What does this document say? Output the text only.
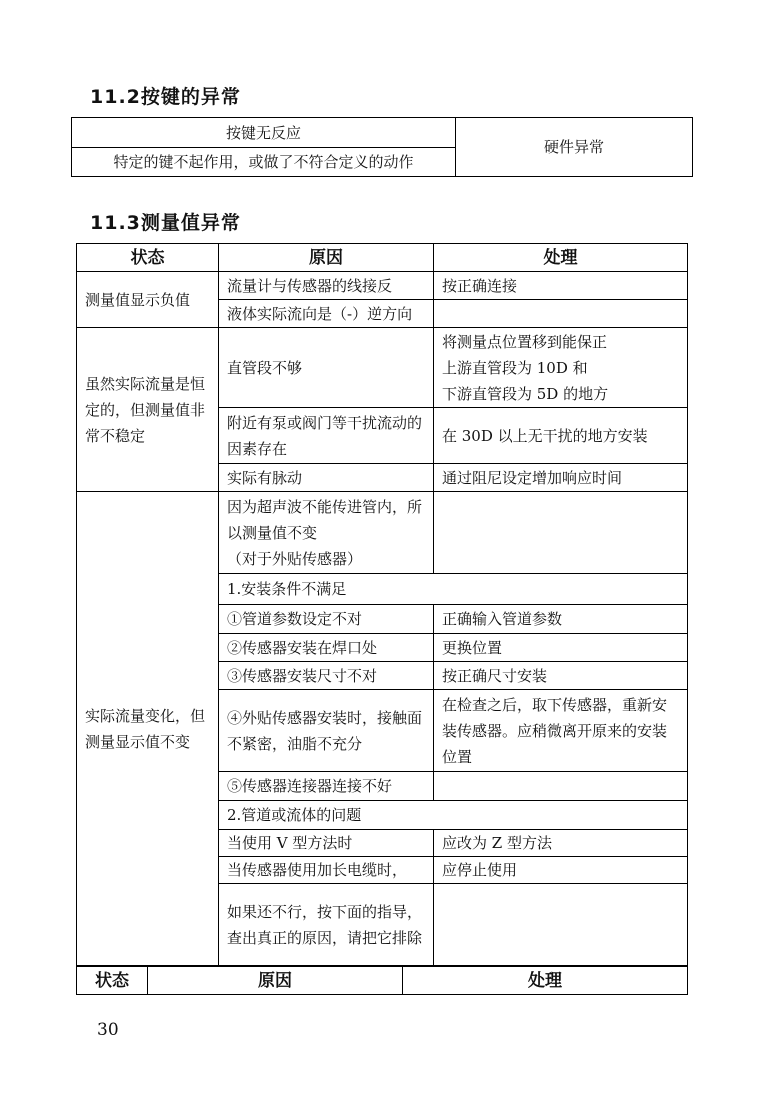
11.2按键的异常
按键无反应	硬件异常
特定的键不起作用，或做了不符合定义的动作
11.3测量值异常
状态	原因	处理
测量值显示负值	流量计与传感器的线接反	按正确连接
	液体实际流向是（-）逆方向	
虽然实际流量是恒定的，但测量值非常不稳定	直管段不够	将测量点位置移到能保正
上游直管段为 10D 和
下游直管段为 5D 的地方

	附近有泵或阀门等干扰流动的因素存在	在 30D 以上无干扰的地方安装
	实际有脉动	通过阻尼设定增加响应时间
实际流量变化，但测量显示值不变	因为超声波不能传进管内，所以测量值不变
（对于外贴传感器）	

	1.安装条件不满足	
	①管道参数设定不对	正确输入管道参数
	②传感器安装在焊口处	更换位置
	③传感器安装尺寸不对	按正确尺寸安装
	④外贴传感器安装时，接触面不紧密，油脂不充分	在检查之后，取下传感器，重新安装传感器。应稍微离开原来的安装位置
	⑤传感器连接器连接不好	
	2.管道或流体的问题	
	当使用 V 型方法时	应改为 Z 型方法
	当传感器使用加长电缆时，	应停止使用
	如果还不行，按下面的指导，查出真正的原因，请把它排除	
状态	原因	处理
30
